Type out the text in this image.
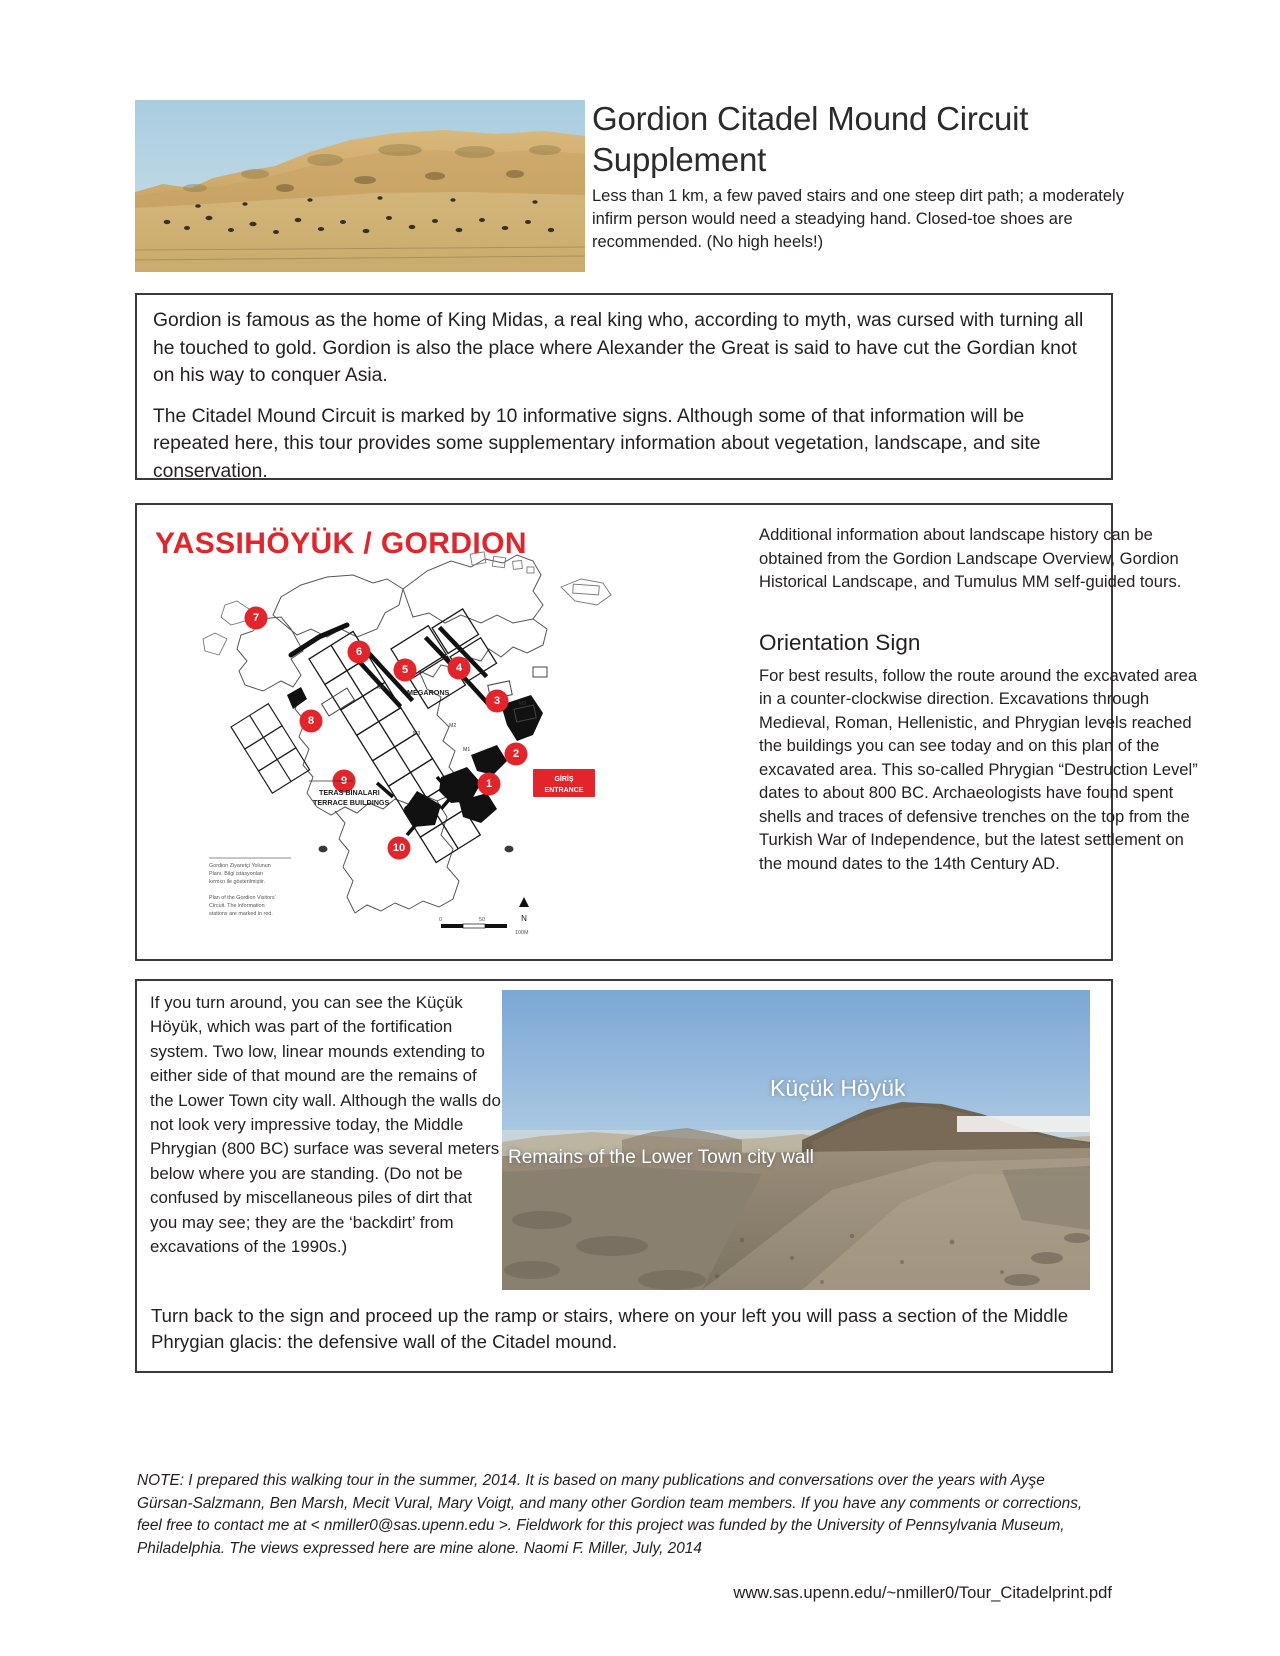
Gordion Citadel Mound Circuit Supplement

Less than 1 km, a few paved stairs and one steep dirt path; a moderately infirm person would need a steadying hand. Closed-toe shoes are recommended. (No high heels!)

Gordion is famous as the home of King Midas, a real king who, according to myth, was cursed with turning all he touched to gold. Gordion is also the place where Alexander the Great is said to have cut the Gordian knot on his way to conquer Asia.

The Citadel Mound Circuit is marked by 10 informative signs. Although some of that information will be repeated here, this tour provides some supplementary information about vegetation, landscape, and site conservation.

YASSIHÖYÜK / GORDION
1
2
3
4
5
6
7
8
9
10
GİRİŞ
ENTRANCE
MEGARONS
M4
M3
M2
M1
M9
TERAS BİNALARI
TERRACE BUILDINGS
Gordion Ziyaretçi Yolunun
Planı. Bilgi istasyonları
kırmızı ile gösterilmiştir.
Plan of the Gordion Visitors’
Circuit. The information
stations are marked in red.	N
0	50
100M

Additional information about landscape history can be obtained from the Gordion Landscape Overview, Gordion Historical Landscape, and Tumulus MM self-guided tours.

Orientation Sign

For best results, follow the route around the excavated area in a counter-clockwise direction. Excavations through Medieval, Roman, Hellenistic, and Phrygian levels reached the buildings you can see today and on this plan of the excavated area. This so-called Phrygian “Destruction Level” dates to about 800 BC. Archaeologists have found spent shells and traces of defensive trenches on the top from the Turkish War of Independence, but the latest settlement on the mound dates to the 14th Century AD.

If you turn around, you can see the Küçük Höyük, which was part of the fortification system. Two low, linear mounds extending to either side of that mound are the remains of the Lower Town city wall. Although the walls do not look very impressive today, the Middle Phrygian (800 BC) surface was several meters below where you are standing. (Do not be confused by miscellaneous piles of dirt that you may see; they are the ‘backdirt’ from excavations of the 1990s.)

Küçük Höyük
Remains of the Lower Town city wall
Turn back to the sign and proceed up the ramp or stairs, where on your left you will pass a section of the Middle Phrygian glacis: the defensive wall of the Citadel mound.
NOTE: I prepared this walking tour in the summer, 2014. It is based on many publications and conversations over the years with Ayşe Gürsan-Salzmann, Ben Marsh, Mecit Vural, Mary Voigt, and many other Gordion team members. If you have any comments or corrections, feel free to contact me at < nmiller0@sas.upenn.edu >. Fieldwork for this project was funded by the University of Pennsylvania Museum, Philadelphia. The views expressed here are mine alone. Naomi F. Miller, July, 2014
www.sas.upenn.edu/~nmiller0/Tour_Citadelprint.pdf
